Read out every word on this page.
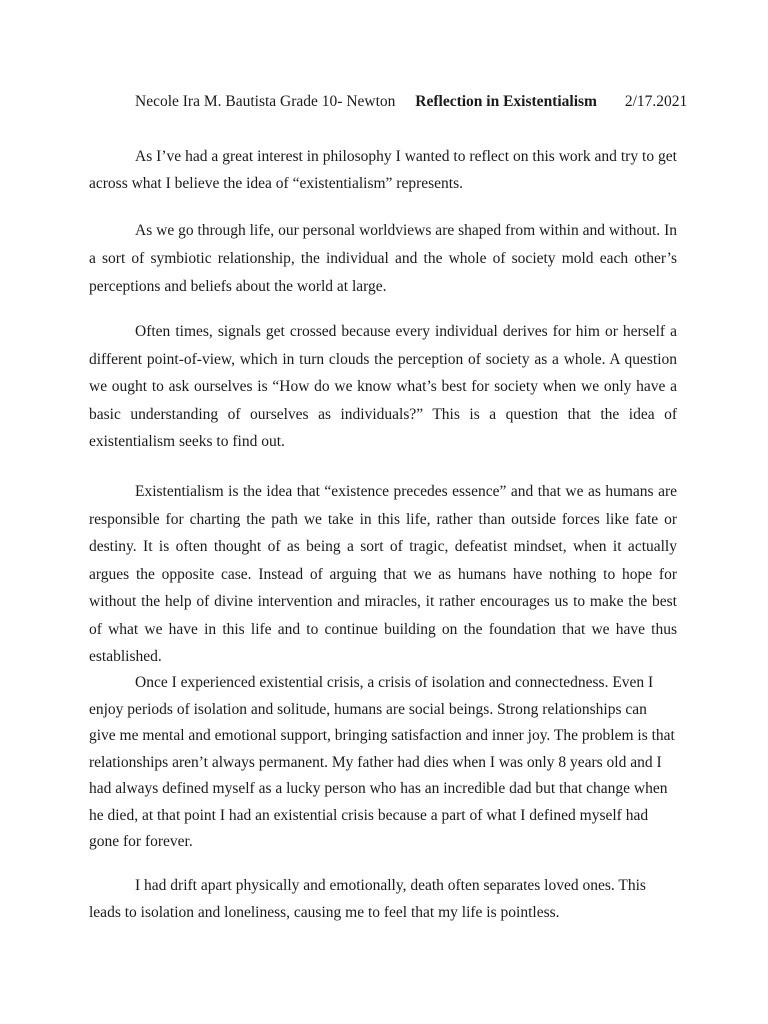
Necole Ira M. Bautista Grade 10- Newton Reflection in Existentialism 2/17.2021

As I’ve had a great interest in philosophy I wanted to reflect on this work and try to get across what I believe the idea of “existentialism” represents.

As we go through life, our personal worldviews are shaped from within and without. In a sort of symbiotic relationship, the individual and the whole of society mold each other’s perceptions and beliefs about the world at large.

Often times, signals get crossed because every individual derives for him or herself a different point-of-view, which in turn clouds the perception of society as a whole. A question we ought to ask ourselves is “How do we know what’s best for society when we only have a basic understanding of ourselves as individuals?” This is a question that the idea of existentialism seeks to find out.

Existentialism is the idea that “existence precedes essence” and that we as humans are responsible for charting the path we take in this life, rather than outside forces like fate or destiny. It is often thought of as being a sort of tragic, defeatist mindset, when it actually argues the opposite case. Instead of arguing that we as humans have nothing to hope for without the help of divine intervention and miracles, it rather encourages us to make the best of what we have in this life and to continue building on the foundation that we have thus established.

Once I experienced existential crisis, a crisis of isolation and connectedness. Even I enjoy periods of isolation and solitude, humans are social beings. Strong relationships can give me mental and emotional support, bringing satisfaction and inner joy. The problem is that relationships aren’t always permanent. My father had dies when I was only 8 years old and I had always defined myself as a lucky person who has an incredible dad but that change when he died, at that point I had an existential crisis because a part of what I defined myself had gone for forever.

I had drift apart physically and emotionally, death often separates loved ones. This leads to isolation and loneliness, causing me to feel that my life is pointless.
